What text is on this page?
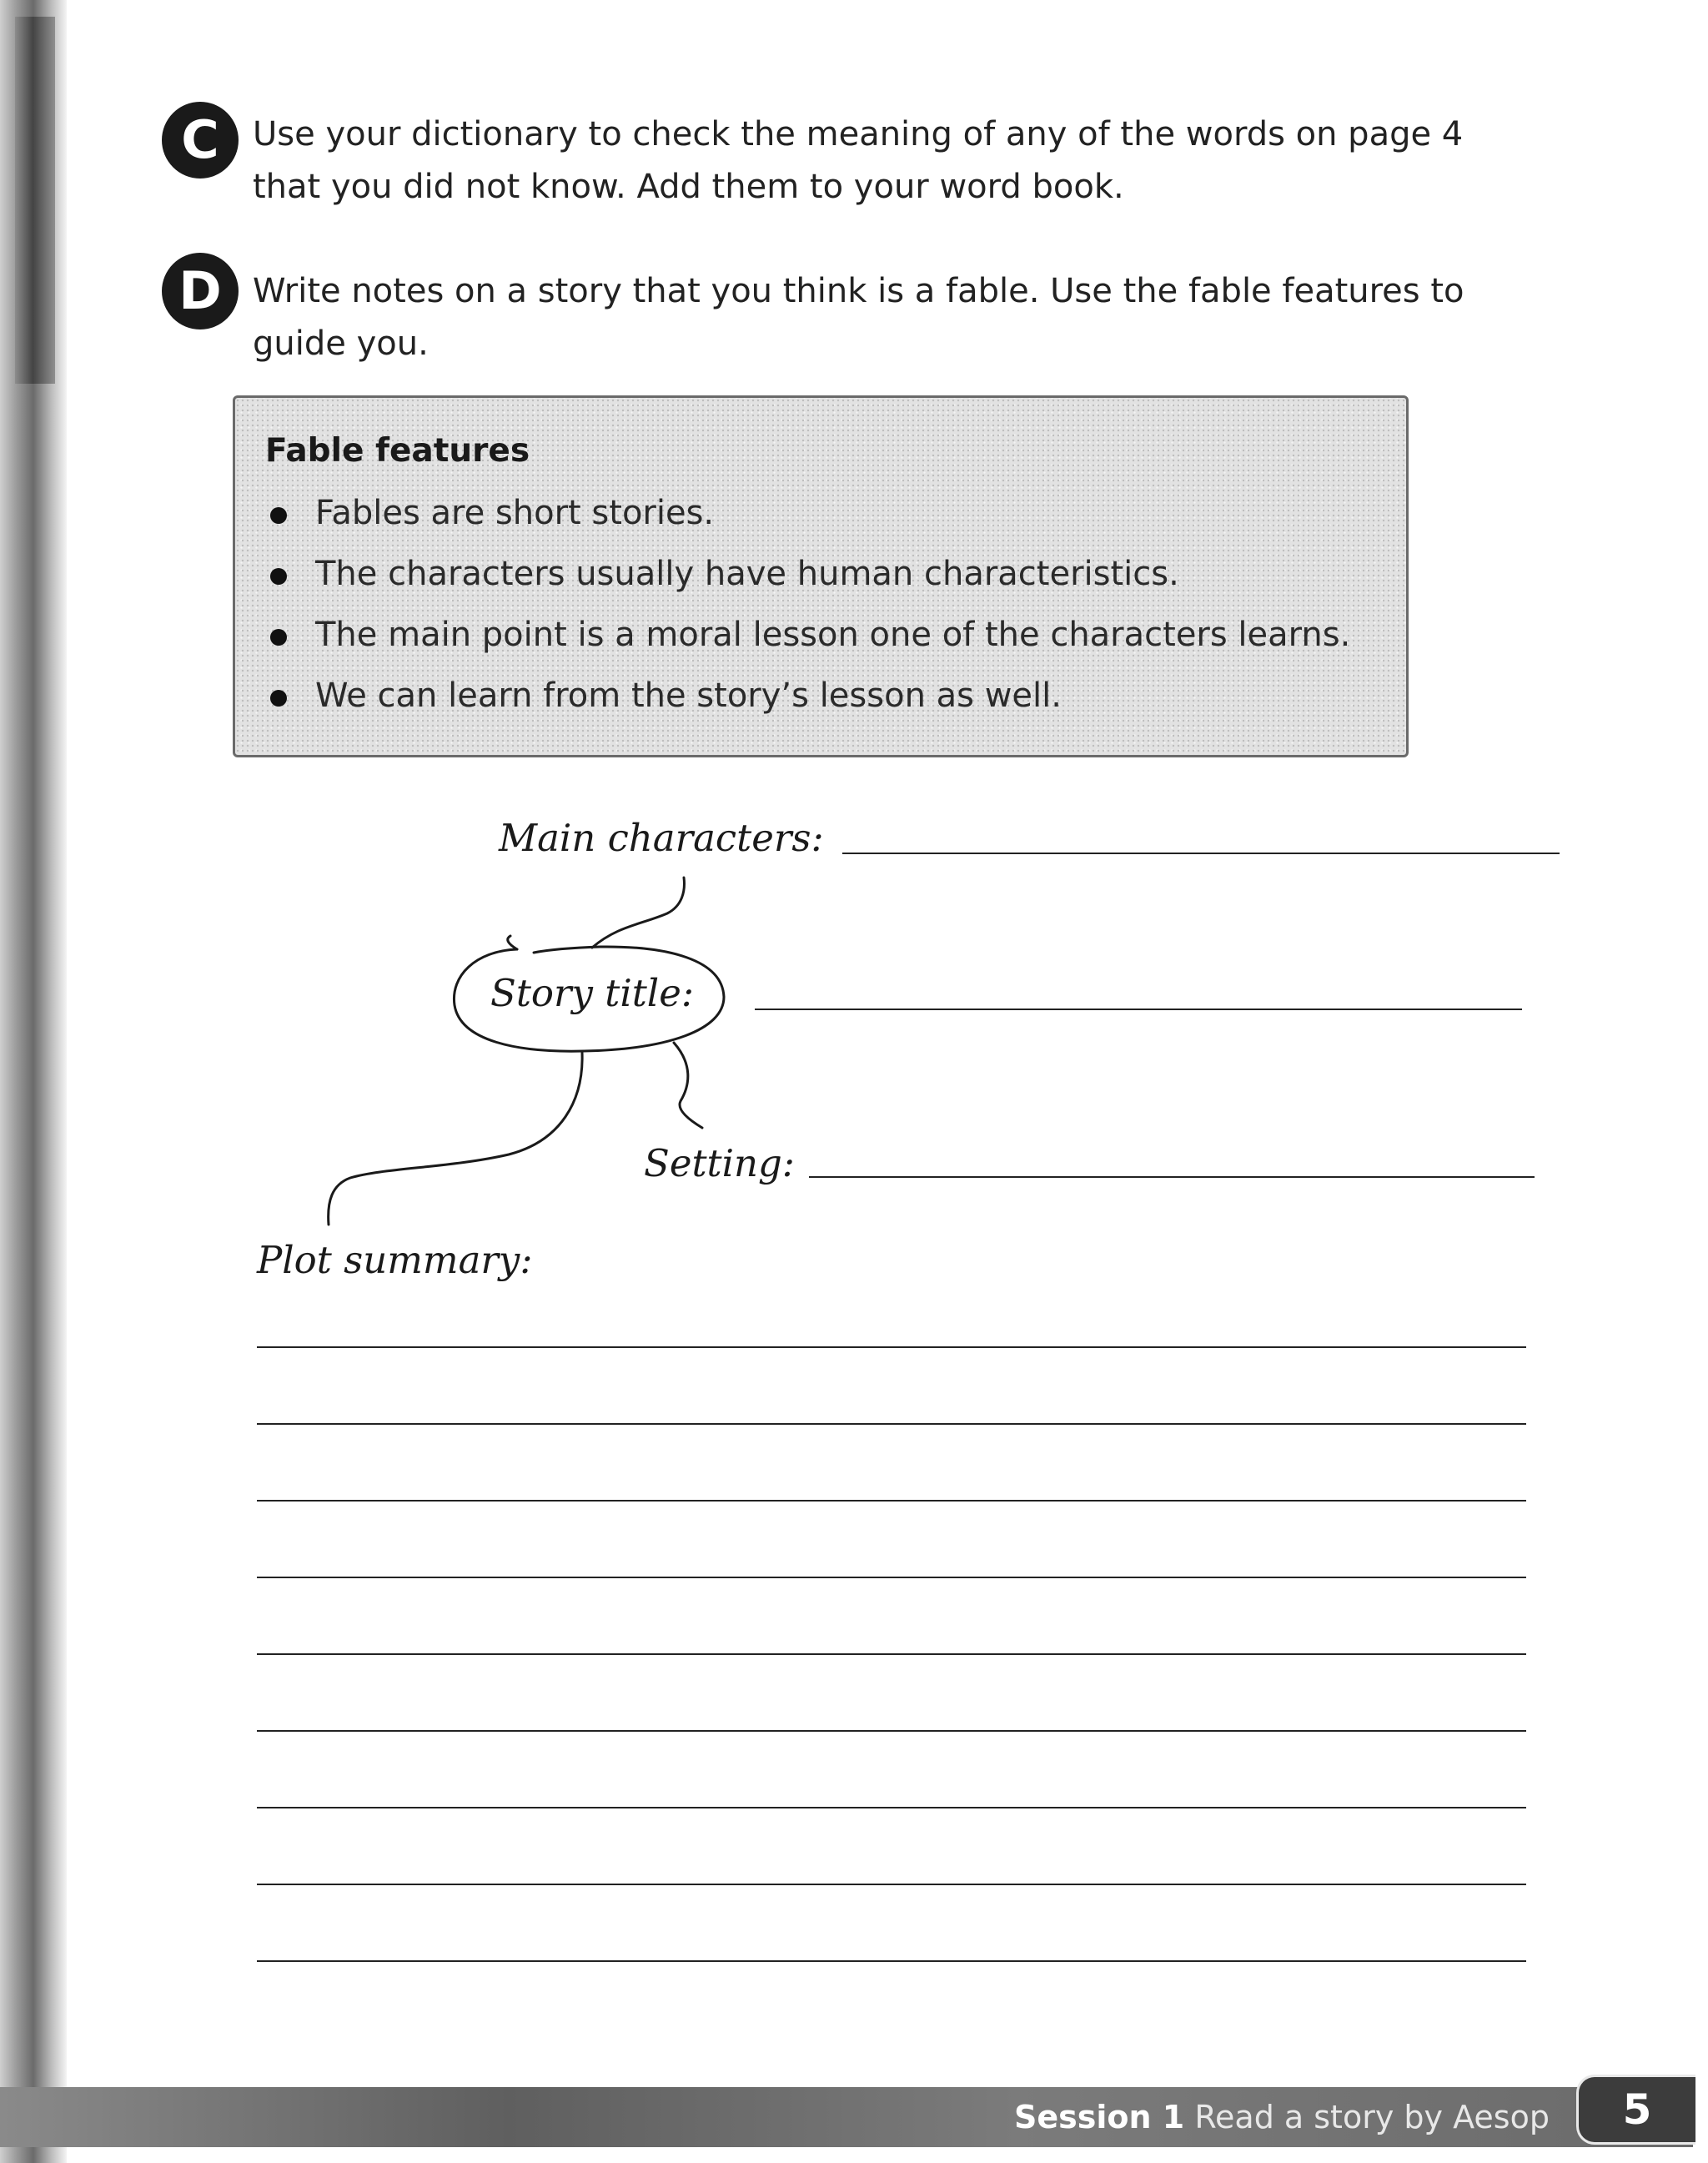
C	Use your dictionary to check the meaning of any of the words on page 4
that you did not know. Add them to your word book.
D Write notes on a story that you think is a fable. Use the fable features to
guide you.
Fable features
Fables are short stories.
The characters usually have human characteristics.
The main point is a moral lesson one of the characters learns.
We can learn from the story’s lesson as well.
Main characters:
Story title:
Setting:
Plot summary:
Session 1 Read a story by Aesop	5
